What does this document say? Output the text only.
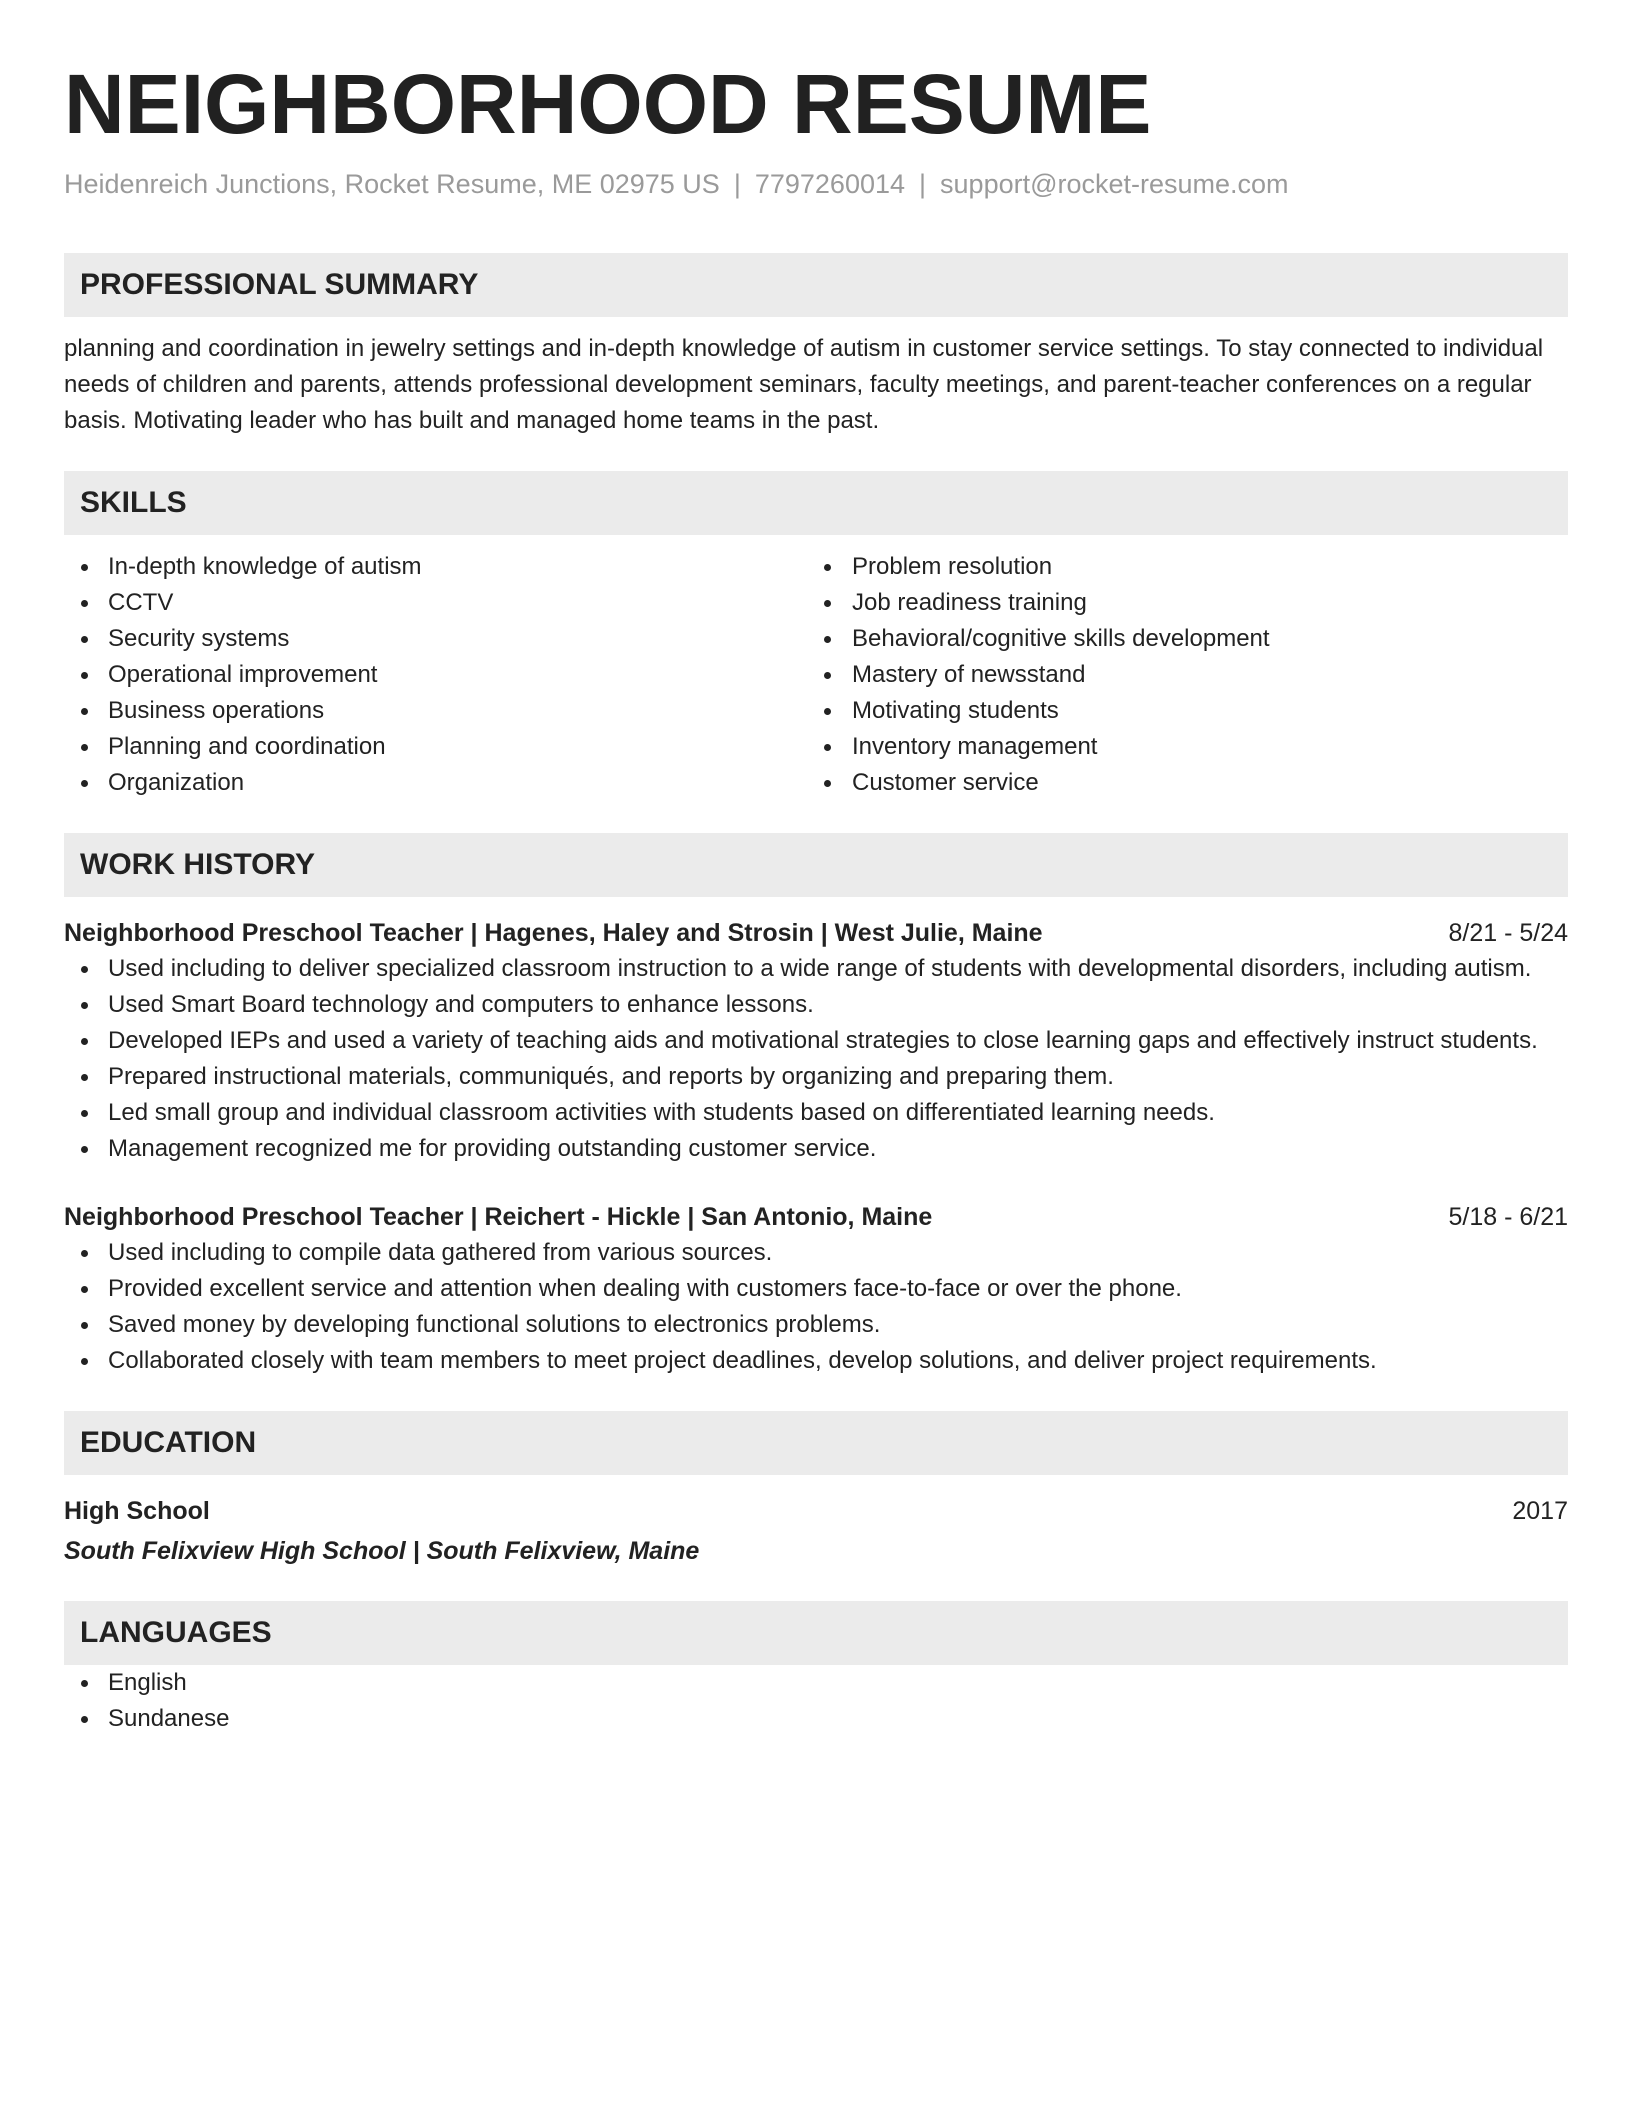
NEIGHBORHOOD RESUME
Heidenreich Junctions, Rocket Resume, ME 02975 US | 7797260014 | support@rocket-resume.com
PROFESSIONAL SUMMARY
planning and coordination in jewelry settings and in-depth knowledge of autism in customer service settings. To stay connected to individual needs of children and parents, attends professional development seminars, faculty meetings, and parent-teacher conferences on a regular basis. Motivating leader who has built and managed home teams in the past.
SKILLS
In-depth knowledge of autism
CCTV
Security systems
Operational improvement
Business operations
Planning and coordination
Organization
Problem resolution
Job readiness training
Behavioral/cognitive skills development
Mastery of newsstand
Motivating students
Inventory management
Customer service
WORK HISTORY
Neighborhood Preschool Teacher | Hagenes, Haley and Strosin | West Julie, Maine	8/21 - 5/24
Used including to deliver specialized classroom instruction to a wide range of students with developmental disorders, including autism.
Used Smart Board technology and computers to enhance lessons.
Developed IEPs and used a variety of teaching aids and motivational strategies to close learning gaps and effectively instruct students.
Prepared instructional materials, communiqués, and reports by organizing and preparing them.
Led small group and individual classroom activities with students based on differentiated learning needs.
Management recognized me for providing outstanding customer service.
Neighborhood Preschool Teacher | Reichert - Hickle | San Antonio, Maine	5/18 - 6/21
Used including to compile data gathered from various sources.
Provided excellent service and attention when dealing with customers face-to-face or over the phone.
Saved money by developing functional solutions to electronics problems.
Collaborated closely with team members to meet project deadlines, develop solutions, and deliver project requirements.
EDUCATION
High School	2017
South Felixview High School | South Felixview, Maine
LANGUAGES
English
Sundanese
